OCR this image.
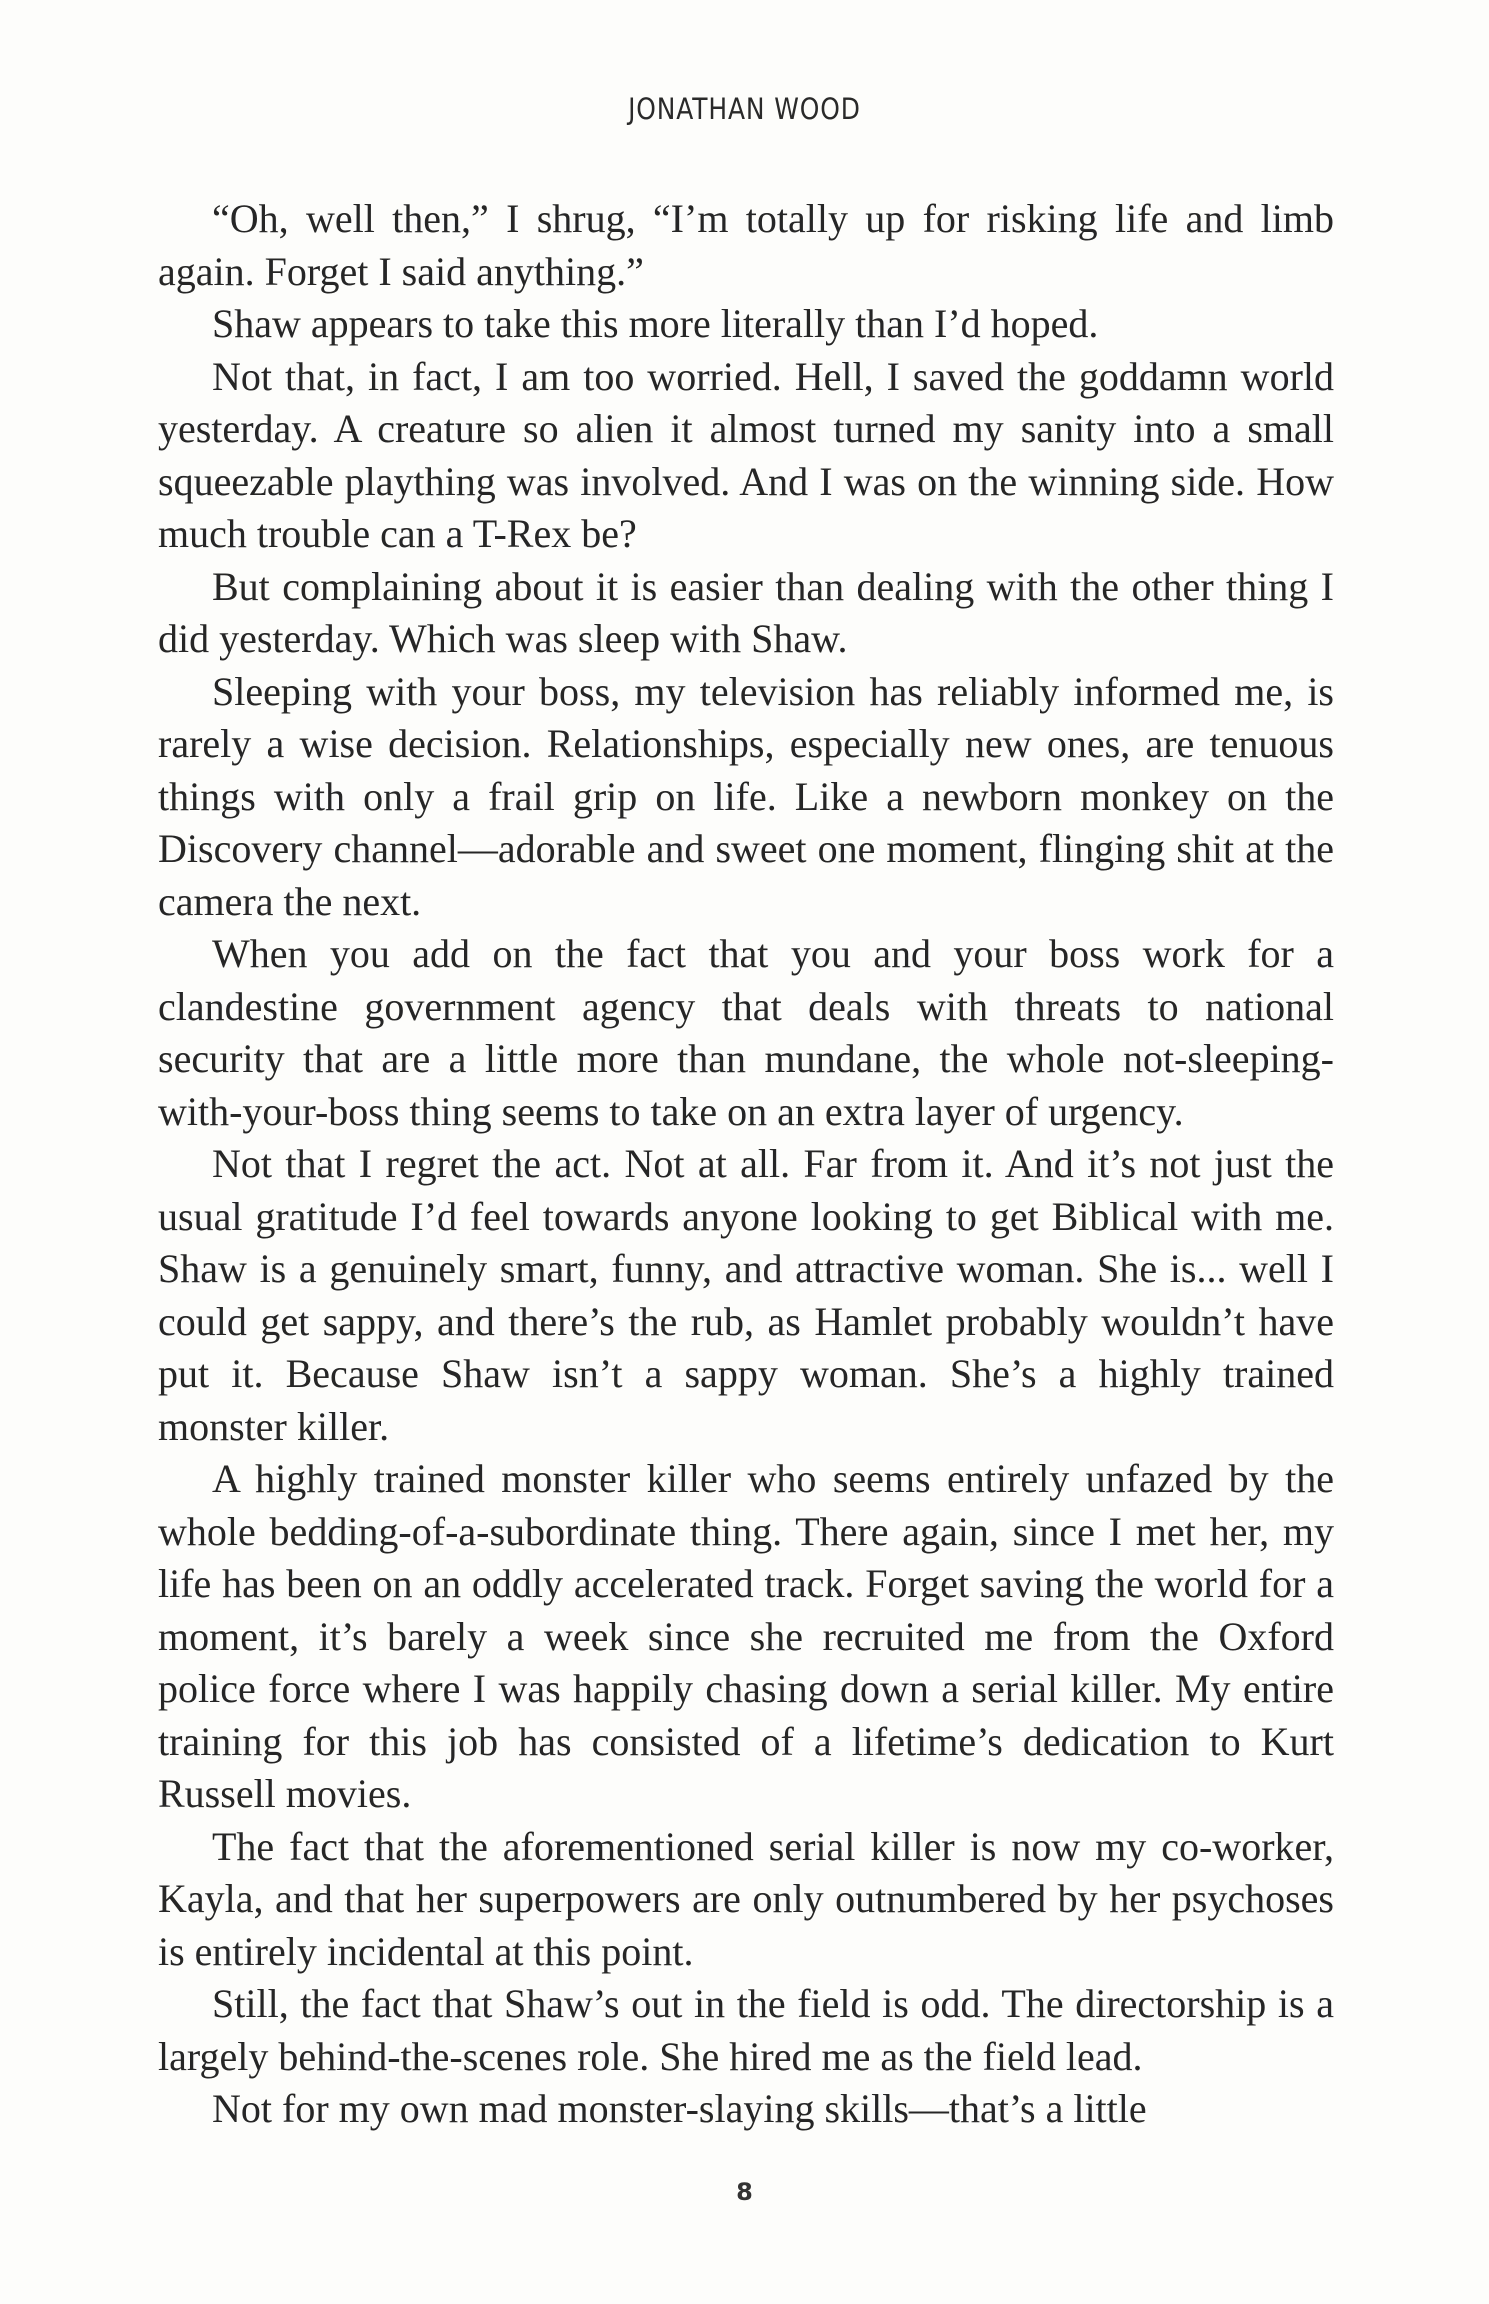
JONATHAN WOOD

“Oh, well then,” I shrug, “I’m totally up for risking life and limb again. Forget I said anything.”

Shaw appears to take this more literally than I’d hoped.

Not that, in fact, I am too worried. Hell, I saved the goddamn world yesterday. A creature so alien it almost turned my sanity into a small squeezable plaything was involved. And I was on the winning side. How much trouble can a T-Rex be?

But complaining about it is easier than dealing with the other thing I did yesterday. Which was sleep with Shaw.

Sleeping with your boss, my television has reliably informed me, is rarely a wise decision. Relationships, especially new ones, are tenuous things with only a frail grip on life. Like a newborn monkey on the Discovery channel—adorable and sweet one moment, flinging shit at the camera the next.

When you add on the fact that you and your boss work for a clandestine government agency that deals with threats to national security that are a little more than mundane, the whole not-sleeping-with-your-boss thing seems to take on an extra layer of urgency.

Not that I regret the act. Not at all. Far from it. And it’s not just the usual gratitude I’d feel towards anyone looking to get Biblical with me. Shaw is a genuinely smart, funny, and attractive woman. She is... well I could get sappy, and there’s the rub, as Hamlet probably wouldn’t have put it. Because Shaw isn’t a sappy woman. She’s a highly trained monster killer.

A highly trained monster killer who seems entirely unfazed by the whole bedding-of-a-subordinate thing. There again, since I met her, my life has been on an oddly accelerated track. Forget saving the world for a moment, it’s barely a week since she recruited me from the Oxford police force where I was happily chasing down a serial killer. My entire training for this job has consisted of a lifetime’s dedication to Kurt Russell movies.

The fact that the aforementioned serial killer is now my co-worker, Kayla, and that her superpowers are only outnumbered by her psychoses is entirely incidental at this point.

Still, the fact that Shaw’s out in the field is odd. The directorship is a largely behind-the-scenes role. She hired me as the field lead.

Not for my own mad monster-slaying skills—that’s a little

8
